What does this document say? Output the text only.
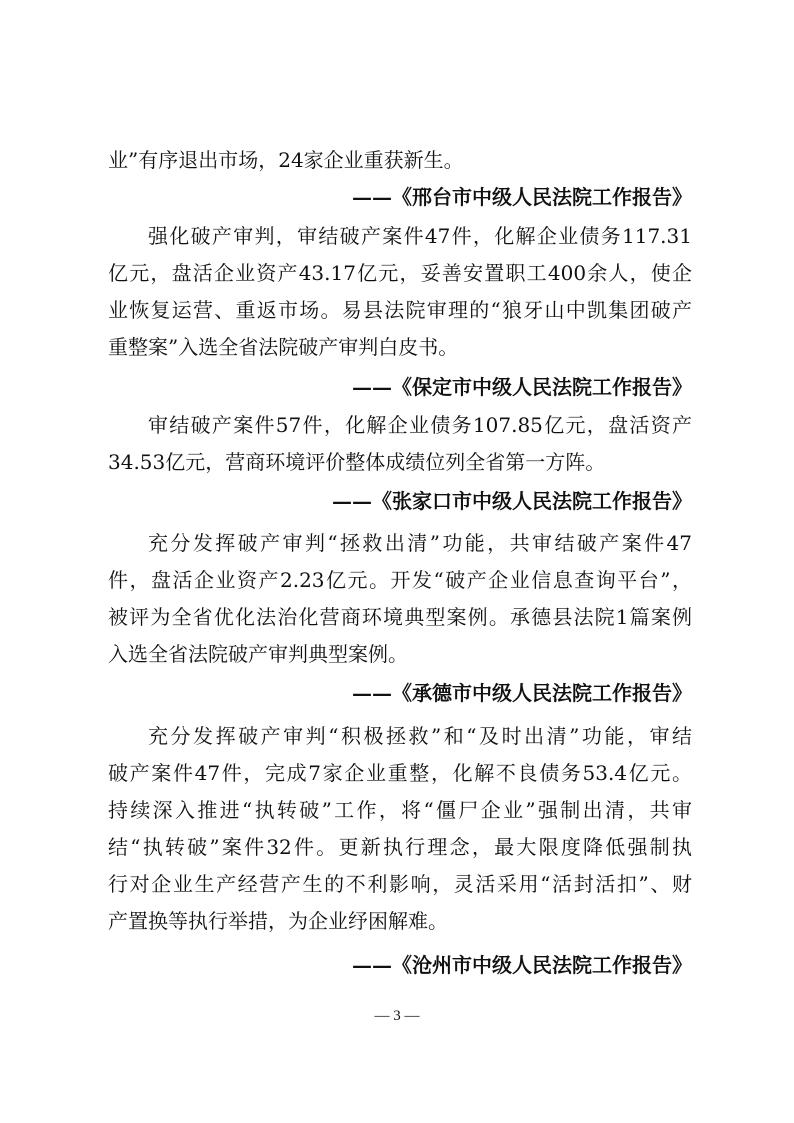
业”有序退出市场，24家企业重获新生。
——《邢台市中级人民法院工作报告》
强化破产审判，审结破产案件47件，化解企业债务117.31
亿元，盘活企业资产43.17亿元，妥善安置职工400余人，使企
业恢复运营、重返市场。易县法院审理的“狼牙山中凯集团破产
重整案”入选全省法院破产审判白皮书。
——《保定市中级人民法院工作报告》
审结破产案件57件，化解企业债务107.85亿元，盘活资产
34.53亿元，营商环境评价整体成绩位列全省第一方阵。
——《张家口市中级人民法院工作报告》
充分发挥破产审判“拯救出清”功能，共审结破产案件47
件，盘活企业资产2.23亿元。开发“破产企业信息查询平台”，
被评为全省优化法治化营商环境典型案例。承德县法院1篇案例
入选全省法院破产审判典型案例。
——《承德市中级人民法院工作报告》
充分发挥破产审判“积极拯救”和“及时出清”功能，审结
破产案件47件，完成7家企业重整，化解不良债务53.4亿元。
持续深入推进“执转破”工作，将“僵尸企业”强制出清，共审
结“执转破”案件32件。更新执行理念，最大限度降低强制执
行对企业生产经营产生的不利影响，灵活采用“活封活扣”、财
产置换等执行举措，为企业纾困解难。
——《沧州市中级人民法院工作报告》
— 3 —
